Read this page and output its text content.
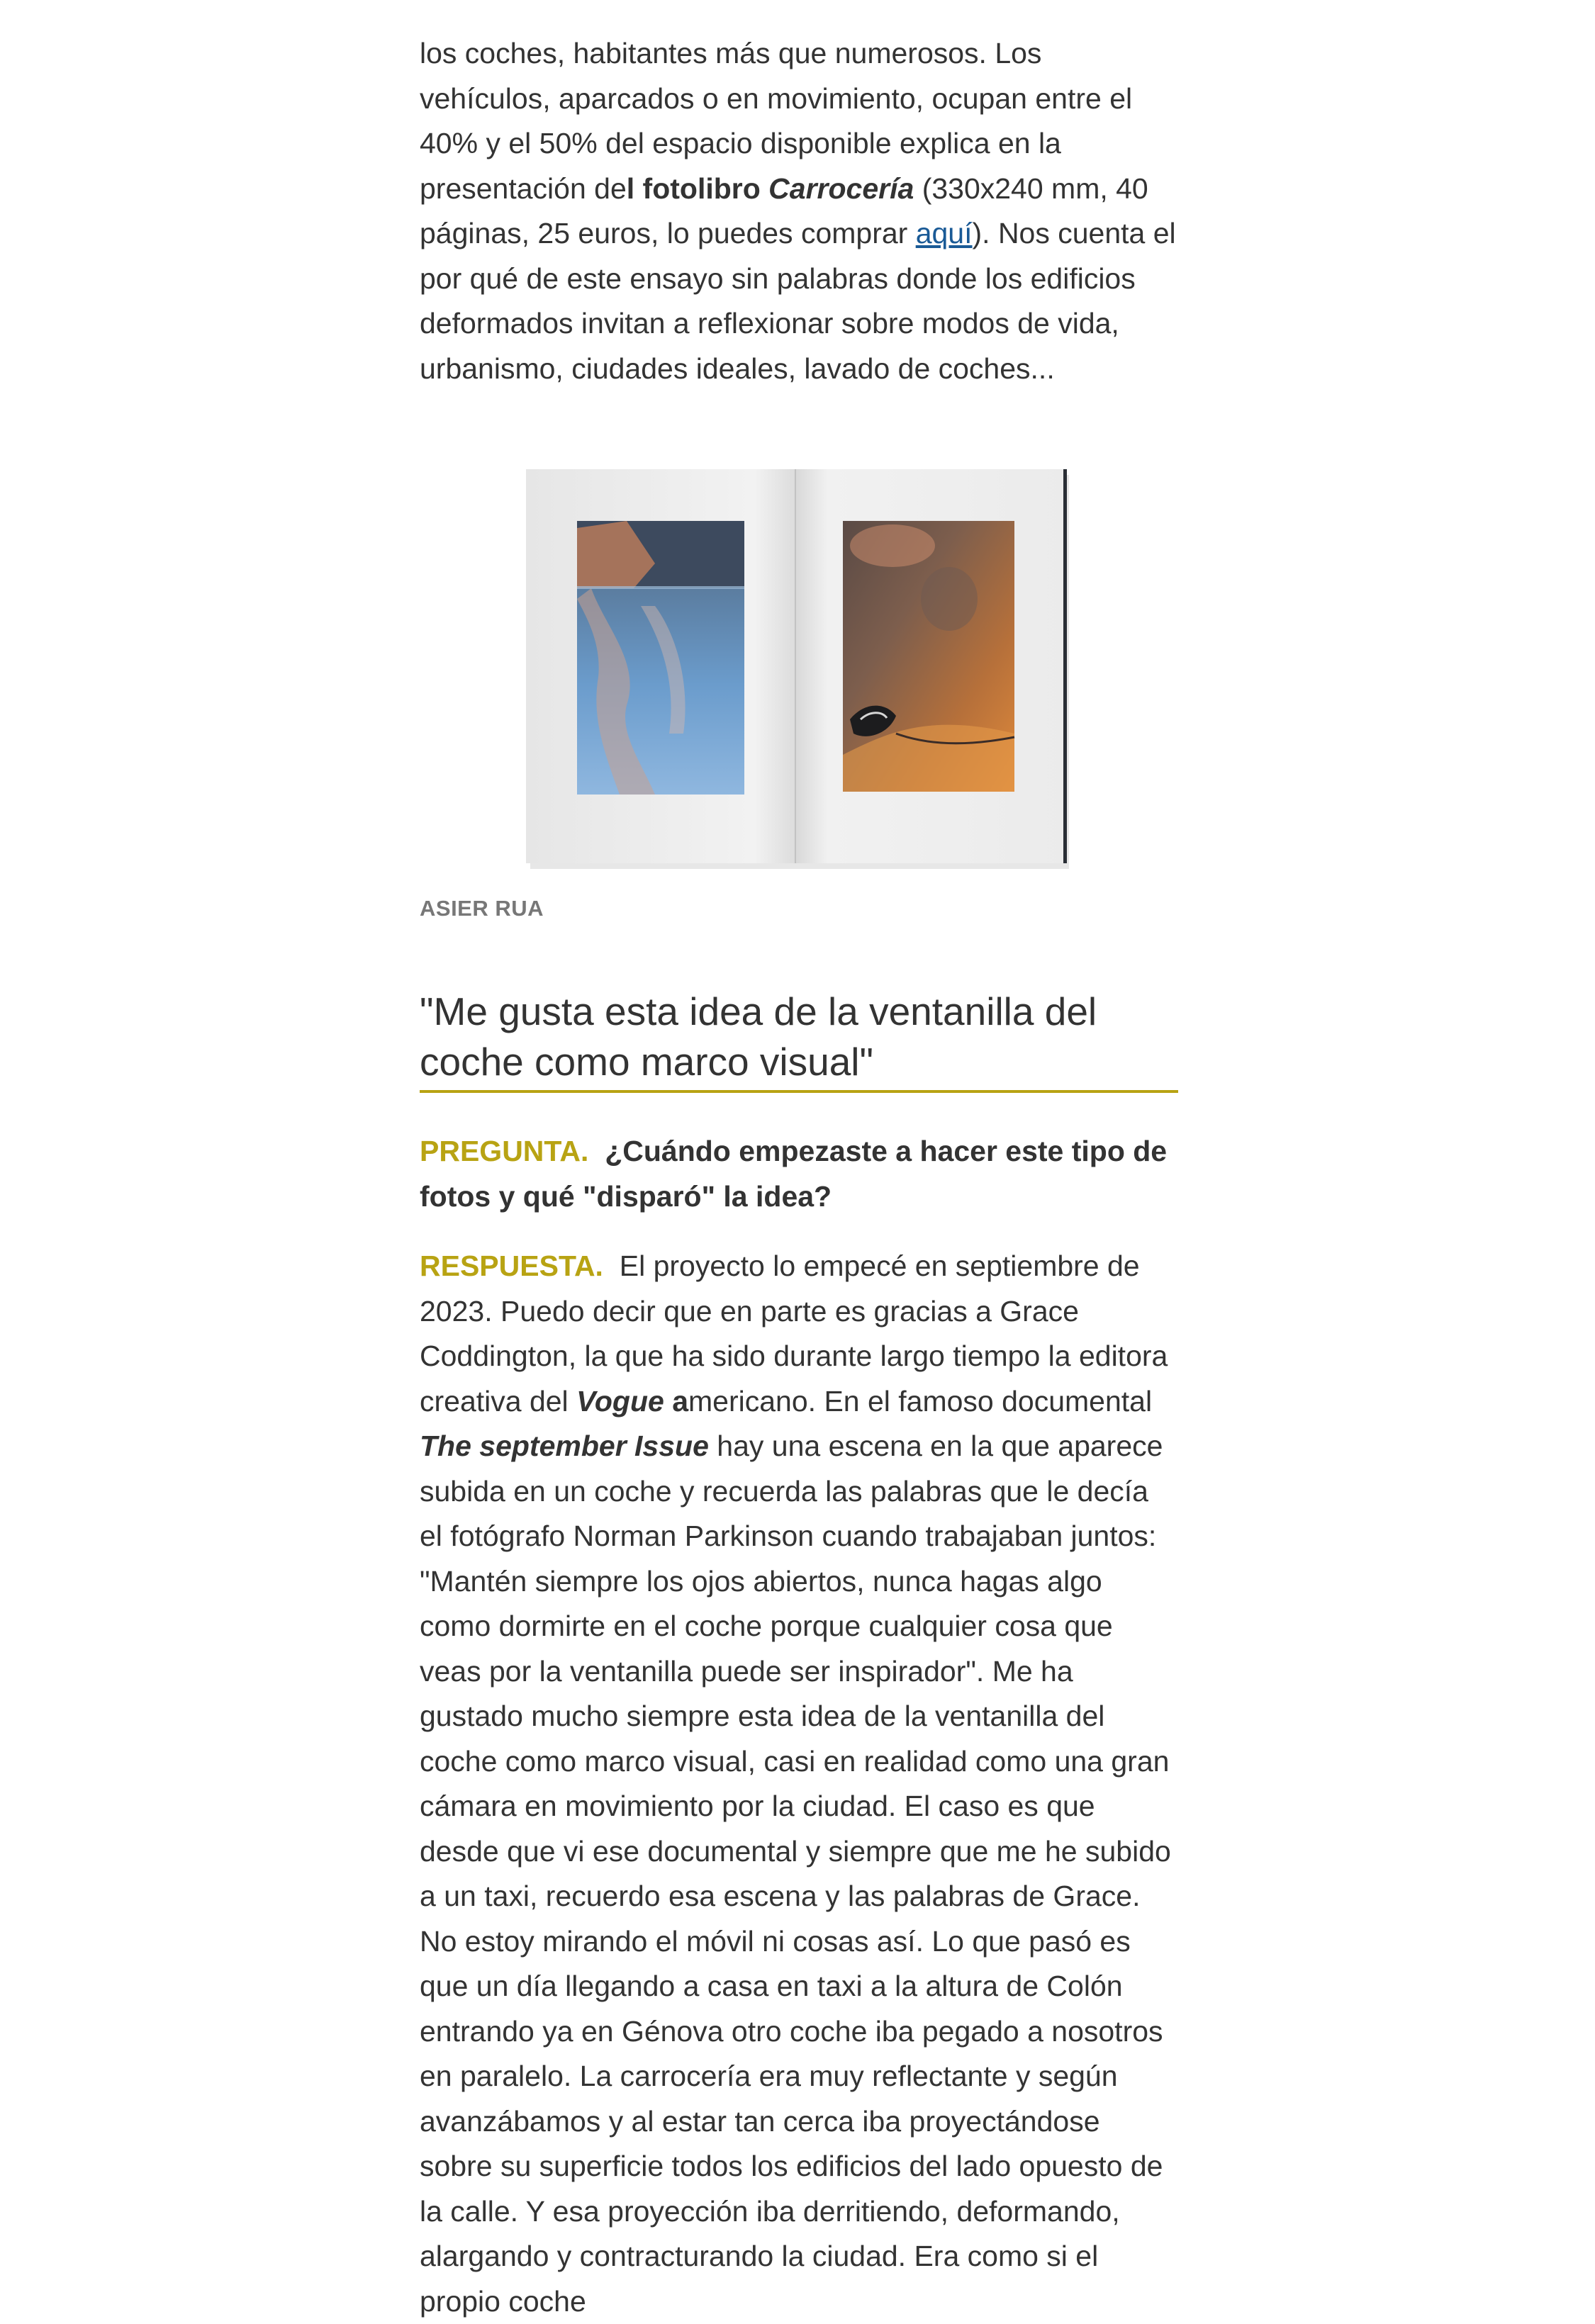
los coches, habitantes más que numerosos. Los vehículos, aparcados o en movimiento, ocupan entre el 40% y el 50% del espacio disponible explica en la presentación del fotolibro Carrocería (330x240 mm, 40 páginas, 25 euros, lo puedes comprar aquí). Nos cuenta el por qué de este ensayo sin palabras donde los edificios deformados invitan a reflexionar sobre modos de vida, urbanismo, ciudades ideales, lavado de coches...

ASIER RUA
"Me gusta esta idea de la ventanilla del coche como marco visual"

PREGUNTA. ¿Cuándo empezaste a hacer este tipo de fotos y qué "disparó" la idea?

RESPUESTA. El proyecto lo empecé en septiembre de 2023. Puedo decir que en parte es gracias a Grace Coddington, la que ha sido durante largo tiempo la editora creativa del Vogue americano. En el famoso documental The september Issue hay una escena en la que aparece subida en un coche y recuerda las palabras que le decía el fotógrafo Norman Parkinson cuando trabajaban juntos: "Mantén siempre los ojos abiertos, nunca hagas algo como dormirte en el coche porque cualquier cosa que veas por la ventanilla puede ser inspirador". Me ha gustado mucho siempre esta idea de la ventanilla del coche como marco visual, casi en realidad como una gran cámara en movimiento por la ciudad. El caso es que desde que vi ese documental y siempre que me he subido a un taxi, recuerdo esa escena y las palabras de Grace. No estoy mirando el móvil ni cosas así. Lo que pasó es que un día llegando a casa en taxi a la altura de Colón entrando ya en Génova otro coche iba pegado a nosotros en paralelo. La carrocería era muy reflectante y según avanzábamos y al estar tan cerca iba proyectándose sobre su superficie todos los edificios del lado opuesto de la calle. Y esa proyección iba derritiendo, deformando, alargando y contracturando la ciudad. Era como si el propio coche
